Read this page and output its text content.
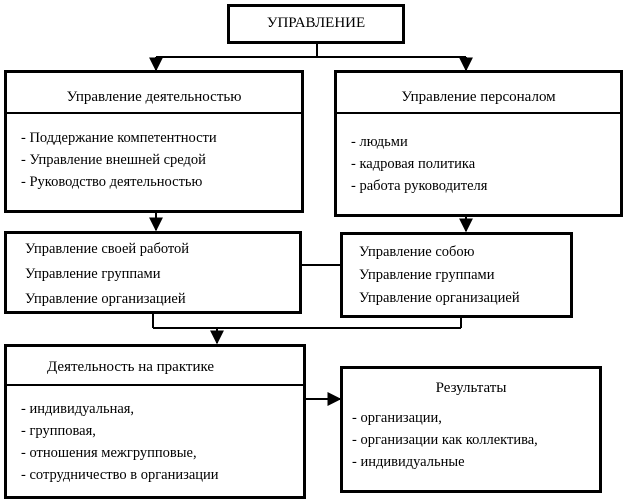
УПРАВЛЕНИЕ
Управление деятельностью
- Поддержание компетентности
- Управление внешней средой
- Руководство деятельностью
Управление персоналом
- людьми
- кадровая политика
- работа руководителя
Управление своей работой
Управление группами
Управление организацией
Управление собою
Управление группами
Управление организацией
Деятельность на практике
- индивидуальная,
- групповая,
- отношения межгрупповые,
- сотрудничество в организации
Результаты
- организации,
- организации как коллектива,
- индивидуальные
